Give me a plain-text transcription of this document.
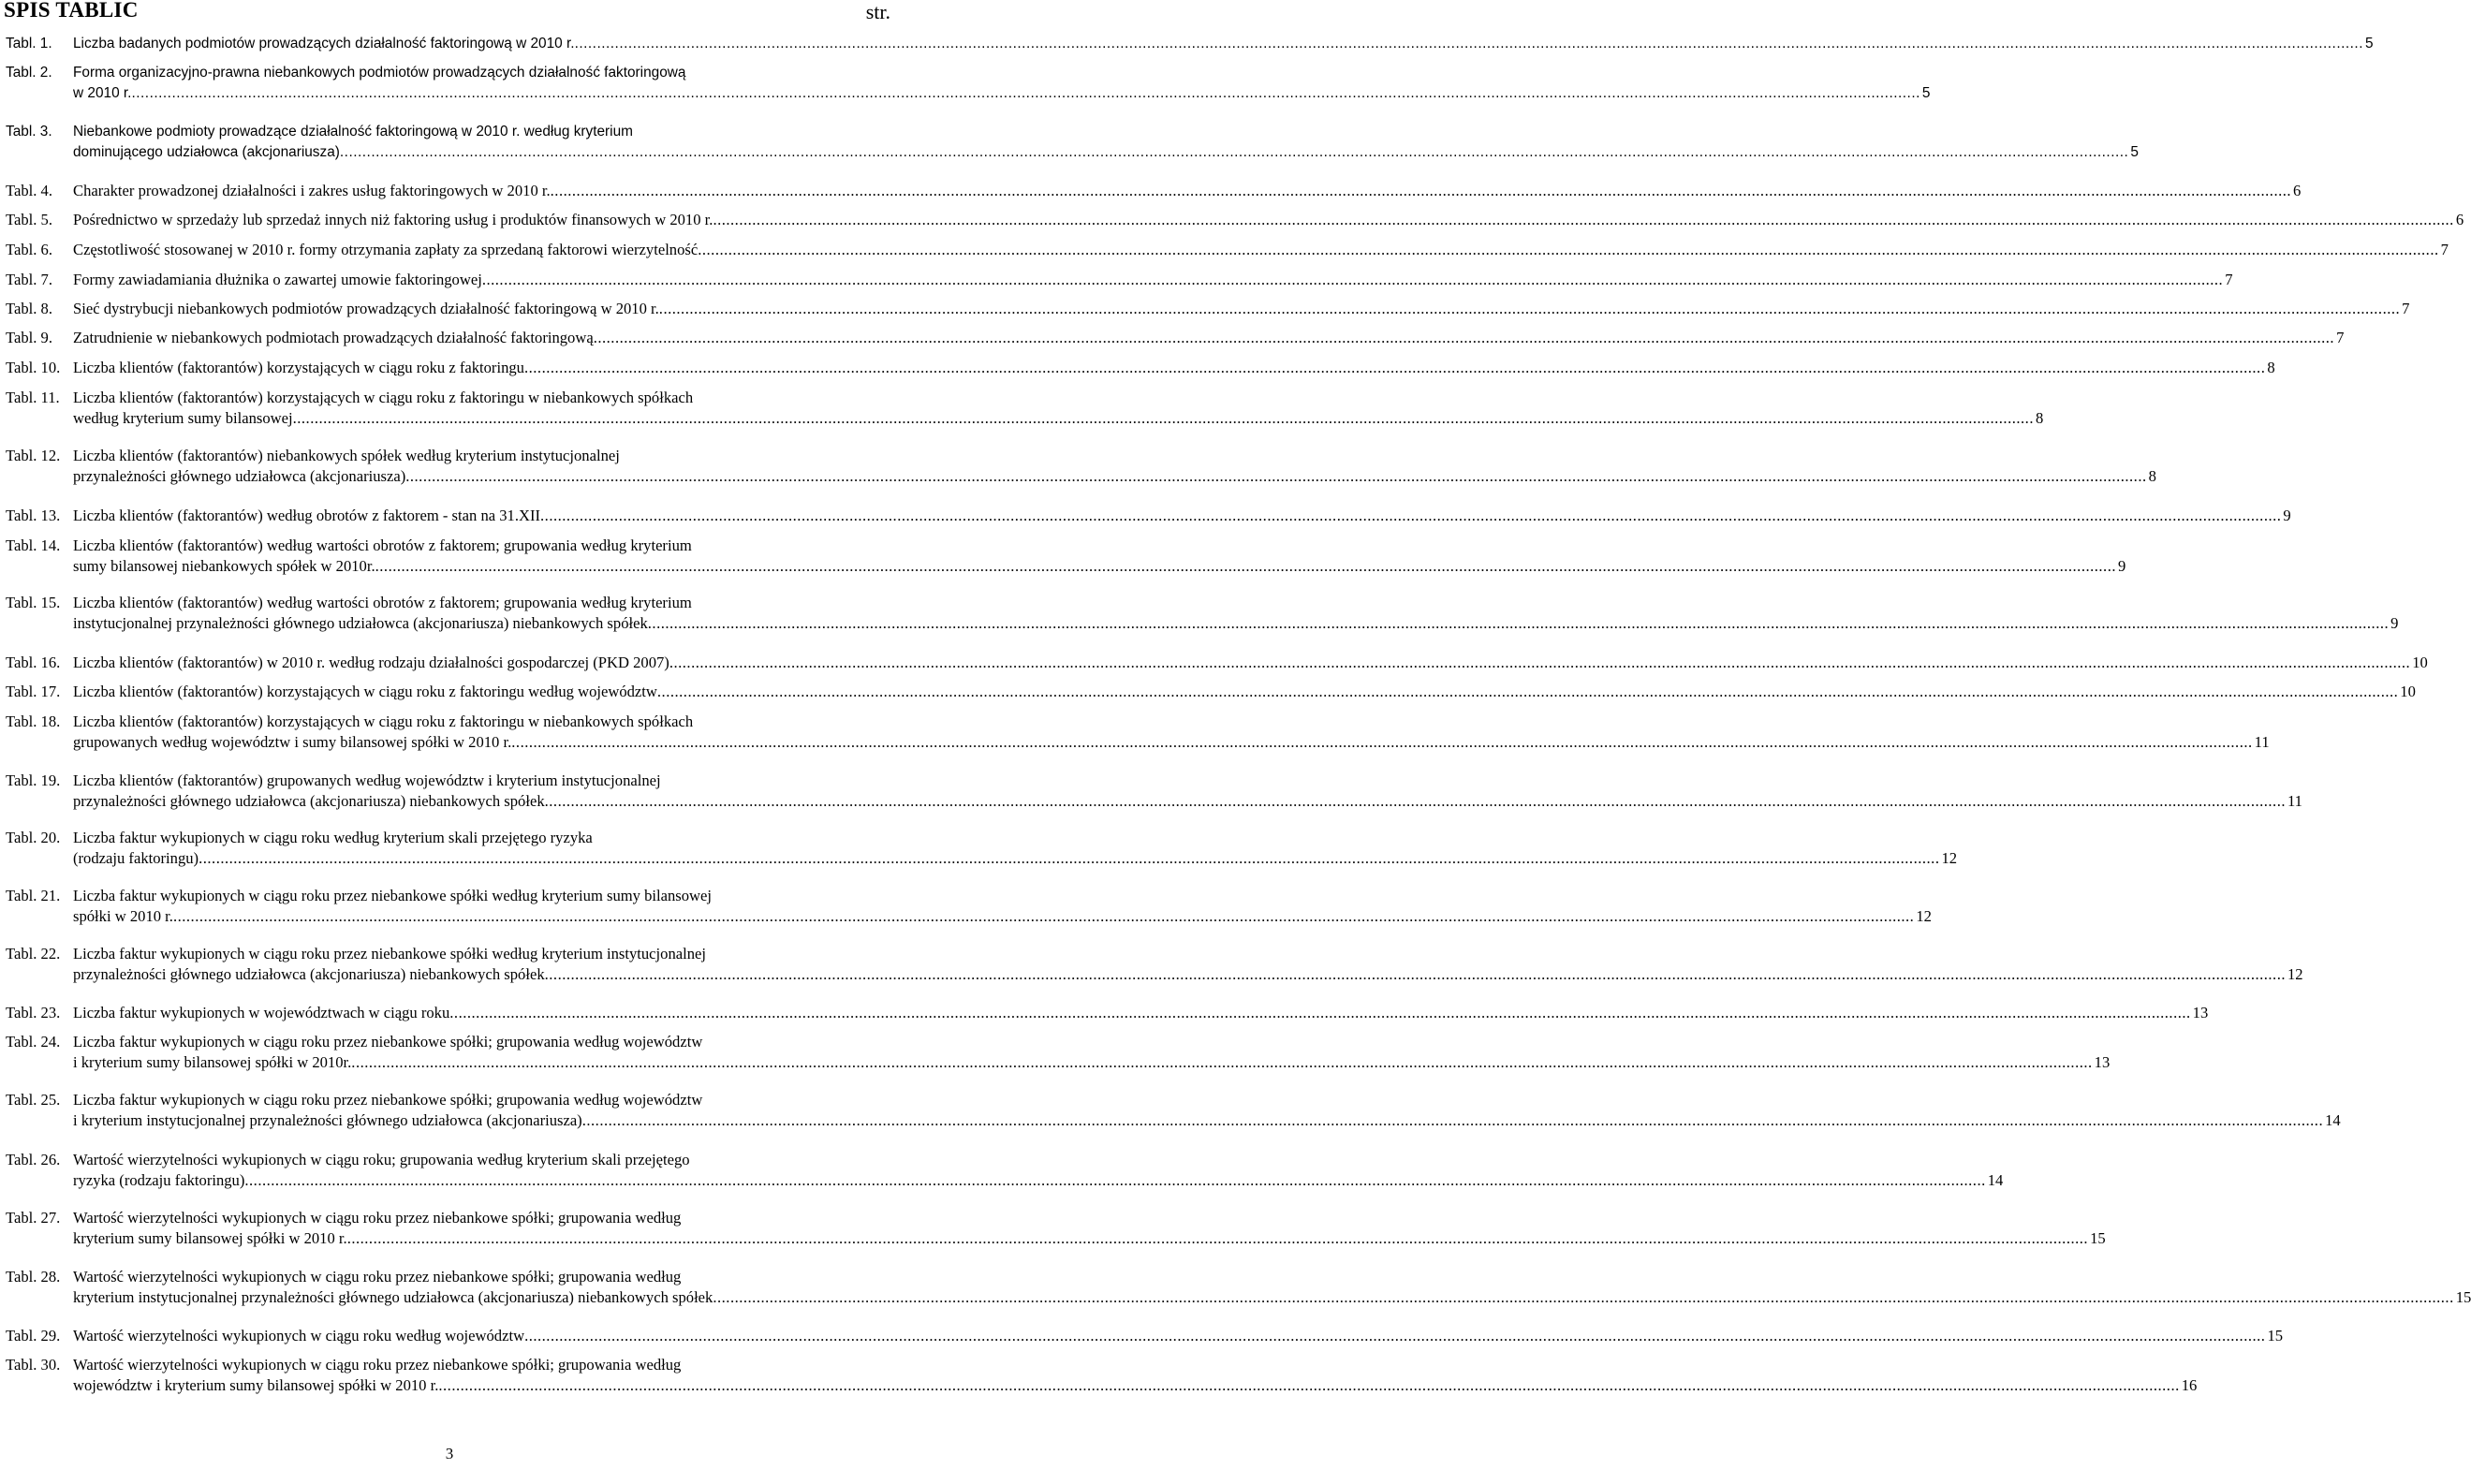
SPIS TABLIC	str.
Tabl. 1. Liczba badanych podmiotów prowadzących działalność faktoringową w 2010 r. ................................................................................................................................................................................................................................................................................................................................................................................................................ 5
Tabl. 2. Forma organizacyjno-prawna niebankowych podmiotów prowadzących działalność faktoringową
w 2010 r. ................................................................................................................................................................................................................................................................................................................................................................................................................ 5
Tabl. 3. Niebankowe podmioty prowadzące działalność faktoringową w 2010 r. według kryterium
dominującego udziałowca (akcjonariusza) ................................................................................................................................................................................................................................................................................................................................................................................................................ 5
Tabl. 4. Charakter prowadzonej działalności i zakres usług faktoringowych w 2010 r. ................................................................................................................................................................................................................................................................................................................................................................................................................ 6
Tabl. 5. Pośrednictwo w sprzedaży lub sprzedaż innych niż faktoring usług i produktów finansowych w 2010 r. ................................................................................................................................................................................................................................................................................................................................................................................................................ 6
Tabl. 6. Częstotliwość stosowanej w 2010 r. formy otrzymania zapłaty za sprzedaną faktorowi wierzytelność ................................................................................................................................................................................................................................................................................................................................................................................................................ 7
Tabl. 7. Formy zawiadamiania dłużnika o zawartej umowie faktoringowej ................................................................................................................................................................................................................................................................................................................................................................................................................ 7
Tabl. 8. Sieć dystrybucji niebankowych podmiotów prowadzących działalność faktoringową w 2010 r. ................................................................................................................................................................................................................................................................................................................................................................................................................ 7
Tabl. 9. Zatrudnienie w niebankowych podmiotach prowadzących działalność faktoringową ................................................................................................................................................................................................................................................................................................................................................................................................................ 7
Tabl. 10. Liczba klientów (faktorantów) korzystających w ciągu roku z faktoringu ................................................................................................................................................................................................................................................................................................................................................................................................................ 8
Tabl. 11. Liczba klientów (faktorantów) korzystających w ciągu roku z faktoringu w niebankowych spółkach
według kryterium sumy bilansowej ................................................................................................................................................................................................................................................................................................................................................................................................................ 8
Tabl. 12. Liczba klientów (faktorantów) niebankowych spółek według kryterium instytucjonalnej
przynależności głównego udziałowca (akcjonariusza) ................................................................................................................................................................................................................................................................................................................................................................................................................ 8
Tabl. 13. Liczba klientów (faktorantów) według obrotów z faktorem - stan na 31.XII ................................................................................................................................................................................................................................................................................................................................................................................................................ 9
Tabl. 14. Liczba klientów (faktorantów) według wartości obrotów z faktorem; grupowania według kryterium
sumy bilansowej niebankowych spółek w 2010r. ................................................................................................................................................................................................................................................................................................................................................................................................................ 9
Tabl. 15. Liczba klientów (faktorantów) według wartości obrotów z faktorem; grupowania według kryterium
instytucjonalnej przynależności głównego udziałowca (akcjonariusza) niebankowych spółek ................................................................................................................................................................................................................................................................................................................................................................................................................ 9
Tabl. 16. Liczba klientów (faktorantów) w 2010 r. według rodzaju działalności gospodarczej (PKD 2007) ................................................................................................................................................................................................................................................................................................................................................................................................................ 10
Tabl. 17. Liczba klientów (faktorantów) korzystających w ciągu roku z faktoringu według województw ................................................................................................................................................................................................................................................................................................................................................................................................................ 10
Tabl. 18. Liczba klientów (faktorantów) korzystających w ciągu roku z faktoringu w niebankowych spółkach
grupowanych według województw i sumy bilansowej spółki w 2010 r. ................................................................................................................................................................................................................................................................................................................................................................................................................ 11
Tabl. 19. Liczba klientów (faktorantów) grupowanych według województw i kryterium instytucjonalnej
przynależności głównego udziałowca (akcjonariusza) niebankowych spółek ................................................................................................................................................................................................................................................................................................................................................................................................................ 11
Tabl. 20. Liczba faktur wykupionych w ciągu roku według kryterium skali przejętego ryzyka
(rodzaju faktoringu) ................................................................................................................................................................................................................................................................................................................................................................................................................ 12
Tabl. 21. Liczba faktur wykupionych w ciągu roku przez niebankowe spółki według kryterium sumy bilansowej
spółki w 2010 r. ................................................................................................................................................................................................................................................................................................................................................................................................................ 12
Tabl. 22. Liczba faktur wykupionych w ciągu roku przez niebankowe spółki według kryterium instytucjonalnej
przynależności głównego udziałowca (akcjonariusza) niebankowych spółek ................................................................................................................................................................................................................................................................................................................................................................................................................ 12
Tabl. 23. Liczba faktur wykupionych w województwach w ciągu roku ................................................................................................................................................................................................................................................................................................................................................................................................................ 13
Tabl. 24. Liczba faktur wykupionych w ciągu roku przez niebankowe spółki; grupowania według województw
i kryterium sumy bilansowej spółki w 2010r. ................................................................................................................................................................................................................................................................................................................................................................................................................ 13
Tabl. 25. Liczba faktur wykupionych w ciągu roku przez niebankowe spółki; grupowania według województw
i kryterium instytucjonalnej przynależności głównego udziałowca (akcjonariusza) ................................................................................................................................................................................................................................................................................................................................................................................................................ 14
Tabl. 26. Wartość wierzytelności wykupionych w ciągu roku; grupowania według kryterium skali przejętego
ryzyka (rodzaju faktoringu) ................................................................................................................................................................................................................................................................................................................................................................................................................ 14
Tabl. 27. Wartość wierzytelności wykupionych w ciągu roku przez niebankowe spółki; grupowania według
kryterium sumy bilansowej spółki w 2010 r. ................................................................................................................................................................................................................................................................................................................................................................................................................ 15
Tabl. 28. Wartość wierzytelności wykupionych w ciągu roku przez niebankowe spółki; grupowania według
kryterium instytucjonalnej przynależności głównego udziałowca (akcjonariusza) niebankowych spółek ................................................................................................................................................................................................................................................................................................................................................................................................................ 15
Tabl. 29. Wartość wierzytelności wykupionych w ciągu roku według województw ................................................................................................................................................................................................................................................................................................................................................................................................................ 15
Tabl. 30. Wartość wierzytelności wykupionych w ciągu roku przez niebankowe spółki; grupowania według
województw i kryterium sumy bilansowej spółki w 2010 r. ................................................................................................................................................................................................................................................................................................................................................................................................................ 16
3
